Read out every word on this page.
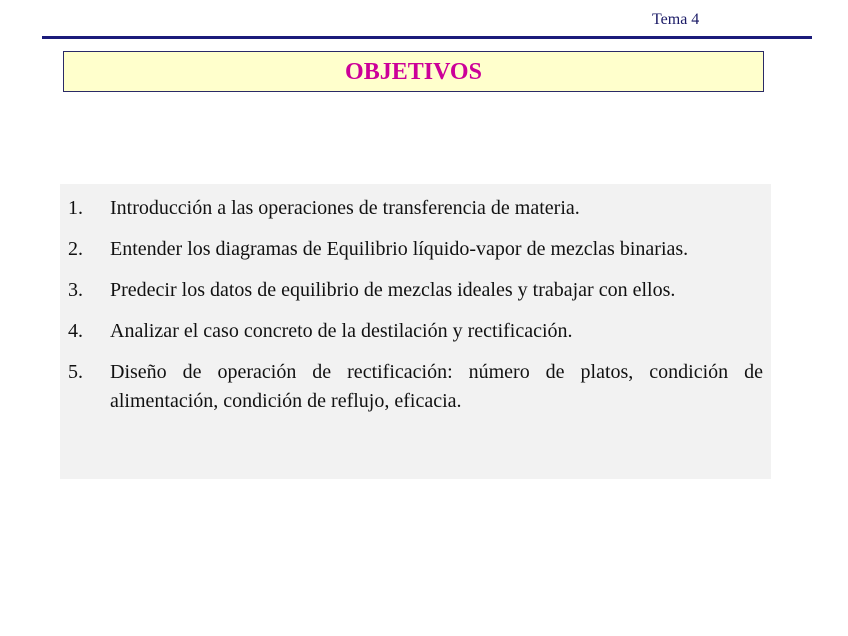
Tema 4
OBJETIVOS
1. Introducción a las operaciones de transferencia de materia.
2. Entender los diagramas de Equilibrio líquido-vapor de mezclas binarias.
3. Predecir los datos de equilibrio de mezclas ideales y trabajar con ellos.
4. Analizar el caso concreto de la destilación y rectificación.
5. Diseño de operación de rectificación: número de platos, condición de alimentación, condición de reflujo, eficacia.
